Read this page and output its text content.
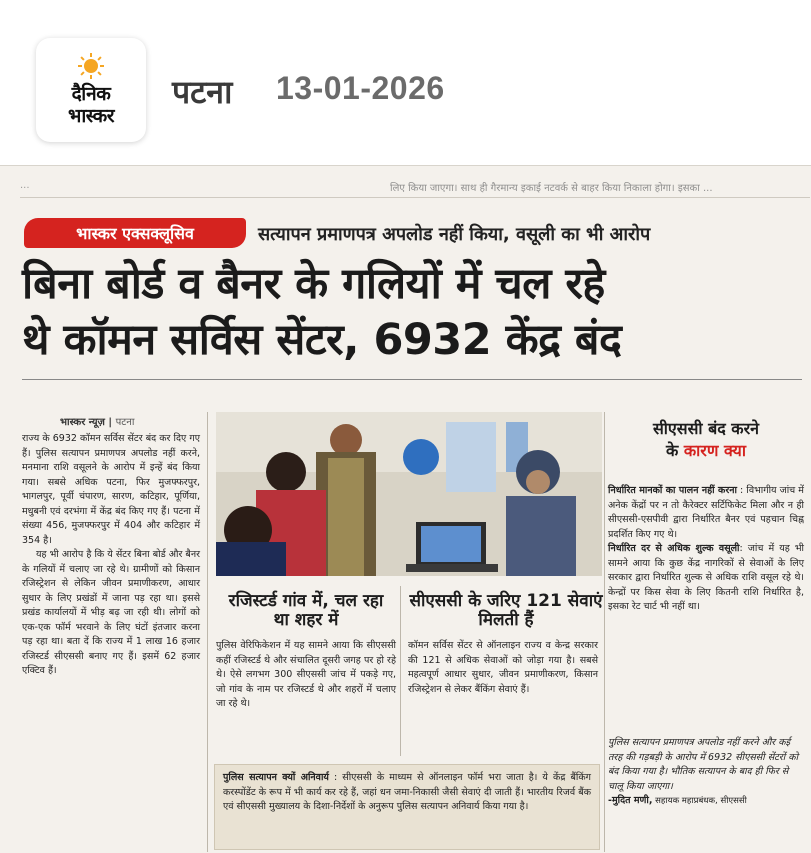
दैनिक
भास्कर
पटना 13-01-2026
...	लिए किया जाएगा। साथ ही गैरमान्य इकाई नटवर्क से बाहर किया निकाला होगा। इसका ...
भास्कर एक्सक्लूसिव	सत्यापन प्रमाणपत्र अपलोड नहीं किया, वसूली का भी आरोप
बिना बोर्ड व बैनर के गलियों में चल रहे
थे कॉमन सर्विस सेंटर, 6932 केंद्र बंद
भास्कर न्यूज़ | पटना

राज्य के 6932 कॉमन सर्विस सेंटर बंद कर दिए गए हैं। पुलिस सत्यापन प्रमाणपत्र अपलोड नहीं करने, मनमाना राशि वसूलने के आरोप में इन्हें बंद किया गया। सबसे अधिक पटना, फिर मुजफ्फरपुर, भागलपुर, पूर्वी चंपारण, सारण, कटिहार, पूर्णिया, मधुबनी एवं दरभंगा में केंद्र बंद किए गए हैं। पटना में संख्या 456, मुजफ्फरपुर में 404 और कटिहार में 354 है।

यह भी आरोप है कि ये सेंटर बिना बोर्ड और बैनर के गलियों में चलाए जा रहे थे। ग्रामीणों को किसान रजिस्ट्रेशन से लेकिन जीवन प्रमाणीकरण, आधार सुधार के लिए प्रखंडों में जाना पड़ रहा था। इससे प्रखंड कार्यालयों में भीड़ बढ़ जा रही थी। लोगों को एक-एक फॉर्म भरवाने के लिए घंटों इंतजार करना पड़ रहा था। बता दें कि राज्य में 1 लाख 16 हजार रजिस्टर्ड सीएससी बनाए गए हैं। इसमें 62 हजार एक्टिव हैं।

रजिस्टर्ड गांव में, चल रहा था शहर में
सीएससी के जरिए 121 सेवाएं मिलती हैं
पुलिस वेरिफिकेशन में यह सामने आया कि सीएससी कहीं रजिस्टर्ड थे और संचालित दूसरी जगह पर हो रहे थे। ऐसे लगभग 300 सीएससी जांच में पकड़े गए, जो गांव के नाम पर रजिस्टर्ड थे और शहरों में चलाए जा रहे थे।
कॉमन सर्विस सेंटर से ऑनलाइन राज्य व केन्द्र सरकार की 121 से अधिक सेवाओं को जोड़ा गया है। सबसे महत्वपूर्ण आधार सुधार, जीवन प्रमाणीकरण, किसान रजिस्ट्रेशन से लेकर बैंकिंग सेवाएं हैं।
पुलिस सत्यापन क्यों अनिवार्य : सीएससी के माध्यम से ऑनलाइन फॉर्म भरा जाता है। ये केंद्र बैंकिंग करस्पोंडेंट के रूप में भी कार्य कर रहे हैं, जहां धन जमा-निकासी जैसी सेवाएं दी जाती हैं। भारतीय रिजर्व बैंक एवं सीएससी मुख्यालय के दिशा-निर्देशों के अनुरूप पुलिस सत्यापन अनिवार्य किया गया है।
सीएससी बंद करने
के कारण क्या

निर्धारित मानकों का पालन नहीं करना : विभागीय जांच में अनेक केंद्रों पर न तो कैरेक्टर सर्टिफिकेट मिला और न ही सीएससी-एसपीवी द्वारा निर्धारित बैनर एवं पहचान चिह्न प्रदर्शित किए गए थे।

निर्धारित दर से अधिक शुल्क वसूली: जांच में यह भी सामने आया कि कुछ केंद्र नागरिकों से सेवाओं के लिए सरकार द्वारा निर्धारित शुल्क से अधिक राशि वसूल रहे थे। केन्द्रों पर किस सेवा के लिए कितनी राशि निर्धारित है, इसका रेट चार्ट भी नहीं था।

पुलिस सत्यापन प्रमाणपत्र अपलोड नहीं करने और कई तरह की गड़बड़ी के आरोप में 6932 सीएससी सेंटरों को बंद किया गया है। भौतिक सत्यापन के बाद ही फिर से चालू किया जाएगा।
-मुदित मणी, सहायक महाप्रबंधक, सीएससी
